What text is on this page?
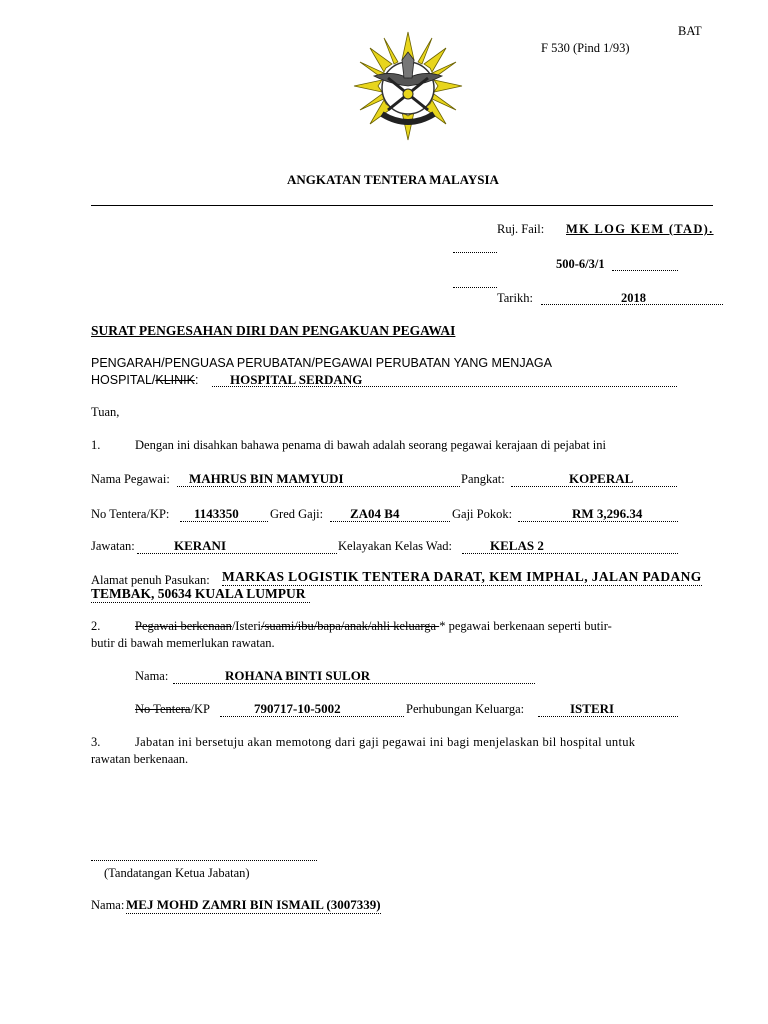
BAT
F 530 (Pind 1/93)
ANGKATAN TENTERA MALAYSIA
Ruj. Fail: MK LOG KEM (TAD).
500-6/3/1
Tarikh:	2018
SURAT PENGESAHAN DIRI DAN PENGAKUAN PEGAWAI
PENGARAH/PENGUASA PERUBATAN/PEGAWAI PERUBATAN YANG MENJAGA
HOSPITAL/KLINIK: HOSPITAL SERDANG
Tuan,
1.	Dengan ini disahkan bahawa penama di bawah adalah seorang pegawai kerajaan di pejabat ini
Nama Pegawai: MAHRUS BIN MAMYUDI	Pangkat:	KOPERAL
No Tentera/KP: 1143350 Gred Gaji: ZA04 B4	Gaji Pokok:	RM 3,296.34
Jawatan:	KERANI	Kelayakan Kelas Wad:	KELAS 2
Alamat penuh Pasukan: MARKAS LOGISTIK TENTERA DARAT, KEM IMPHAL, JALAN PADANG
TEMBAK, 50634 KUALA LUMPUR
2.	Pegawai berkenaan/Isteri/suami/ibu/bapa/anak/ahli keluarga * pegawai berkenaan seperti butir-
butir di bawah memerlukan rawatan.
Nama:	ROHANA BINTI SULOR
No Tentera/KP	790717-10-5002	Perhubungan Keluarga:	ISTERI
3.	Jabatan ini bersetuju akan memotong dari gaji pegawai ini bagi menjelaskan bil hospital untuk
rawatan berkenaan.
(Tandatangan Ketua Jabatan)
Nama: MEJ MOHD ZAMRI BIN ISMAIL (3007339)
